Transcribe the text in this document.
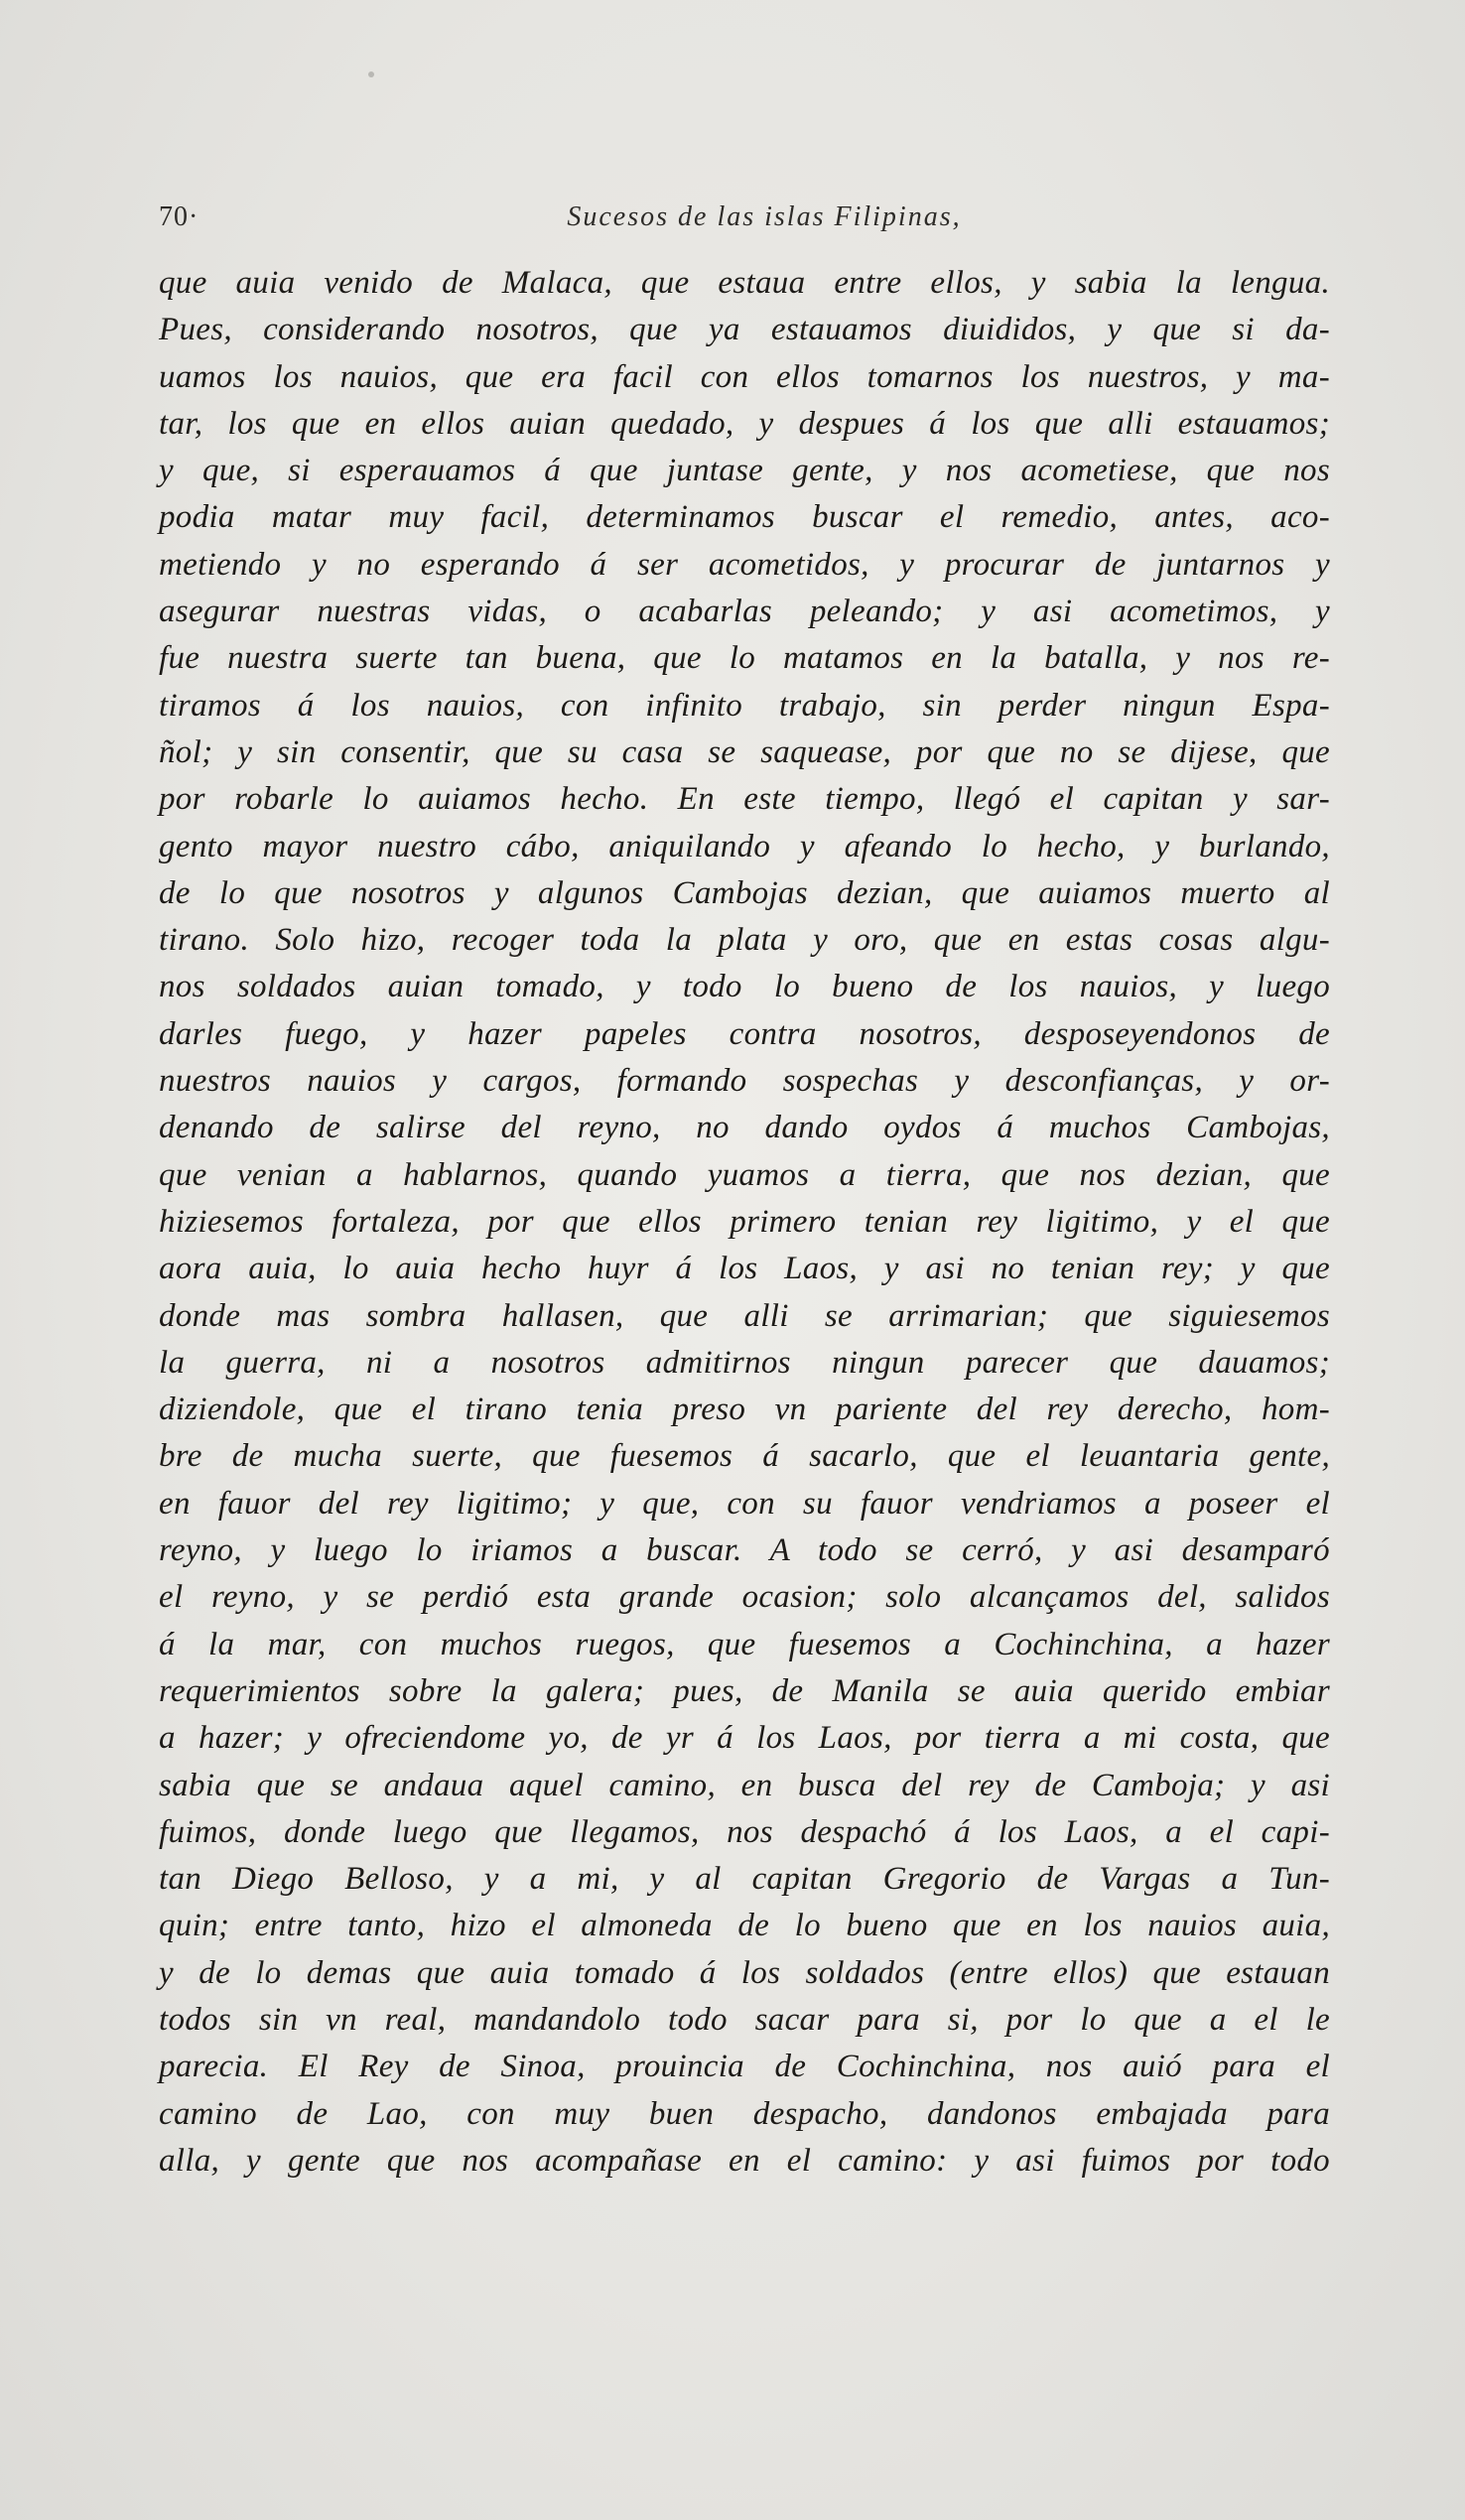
70·	Sucesos de las islas Filipinas,
que auia venido de Malaca, que estaua entre ellos, y sabia la lengua.
Pues, considerando nosotros, que ya estauamos diuididos, y que si da-
uamos los nauios, que era facil con ellos tomarnos los nuestros, y ma-
tar, los que en ellos auian quedado, y despues á los que alli estauamos;
y que, si esperauamos á que juntase gente, y nos acometiese, que nos
podia matar muy facil, determinamos buscar el remedio, antes, aco-
metiendo y no esperando á ser acometidos, y procurar de juntarnos y
asegurar nuestras vidas, o acabarlas peleando; y asi acometimos, y
fue nuestra suerte tan buena, que lo matamos en la batalla, y nos re-
tiramos á los nauios, con infinito trabajo, sin perder ningun Espa-
ñol; y sin consentir, que su casa se saquease, por que no se dijese, que
por robarle lo auiamos hecho. En este tiempo, llegó el capitan y sar-
gento mayor nuestro cábo, aniquilando y afeando lo hecho, y burlando,
de lo que nosotros y algunos Cambojas dezian, que auiamos muerto al
tirano. Solo hizo, recoger toda la plata y oro, que en estas cosas algu-
nos soldados auian tomado, y todo lo bueno de los nauios, y luego
darles fuego, y hazer papeles contra nosotros, desposeyendonos de
nuestros nauios y cargos, formando sospechas y desconfianças, y or-
denando de salirse del reyno, no dando oydos á muchos Cambojas,
que venian a hablarnos, quando yuamos a tierra, que nos dezian, que
hiziesemos fortaleza, por que ellos primero tenian rey ligitimo, y el que
aora auia, lo auia hecho huyr á los Laos, y asi no tenian rey; y que
donde mas sombra hallasen, que alli se arrimarian; que siguiesemos
la guerra, ni a nosotros admitirnos ningun parecer que dauamos;
diziendole, que el tirano tenia preso vn pariente del rey derecho, hom-
bre de mucha suerte, que fuesemos á sacarlo, que el leuantaria gente,
en fauor del rey ligitimo; y que, con su fauor vendriamos a poseer el
reyno, y luego lo iriamos a buscar. A todo se cerró, y asi desamparó
el reyno, y se perdió esta grande ocasion; solo alcançamos del, salidos
á la mar, con muchos ruegos, que fuesemos a Cochinchina, a hazer
requerimientos sobre la galera; pues, de Manila se auia querido embiar
a hazer; y ofreciendome yo, de yr á los Laos, por tierra a mi costa, que
sabia que se andaua aquel camino, en busca del rey de Camboja; y asi
fuimos, donde luego que llegamos, nos despachó á los Laos, a el capi-
tan Diego Belloso, y a mi, y al capitan Gregorio de Vargas a Tun-
quin; entre tanto, hizo el almoneda de lo bueno que en los nauios auia,
y de lo demas que auia tomado á los soldados (entre ellos) que estauan
todos sin vn real, mandandolo todo sacar para si, por lo que a el le
parecia. El Rey de Sinoa, prouincia de Cochinchina, nos auió para el
camino de Lao, con muy buen despacho, dandonos embajada para
alla, y gente que nos acompañase en el camino: y asi fuimos por todo
